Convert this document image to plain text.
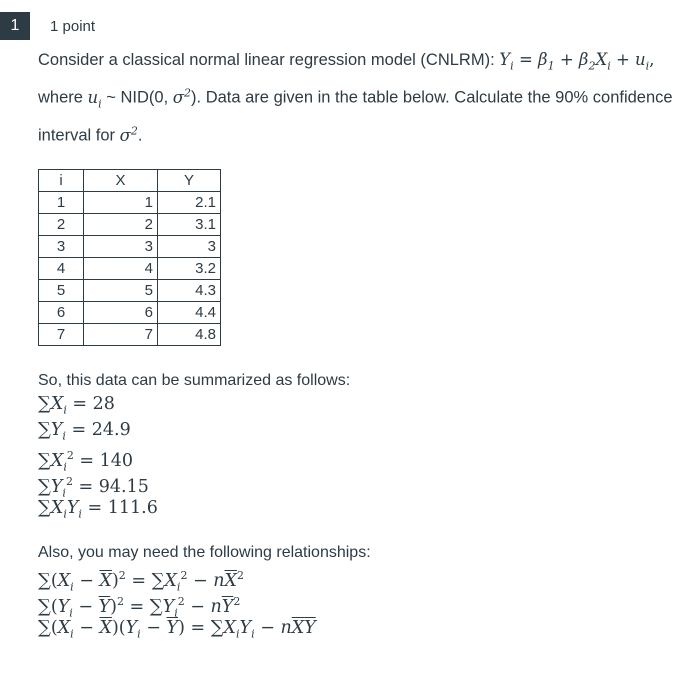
1	1 point
Consider a classical normal linear regression model (CNLRM): $Y_i = \beta_1 + \beta_2X_i + u_i$, where $u_i$ ~ NID(0, $\sigma^2$). Data are given in the table below. Calculate the 90% confidence interval for $\sigma^2$.
i	X	Y
1	1	2.1
2	2	3.1
3	3	3
4	4	3.2
5	5	4.3
6	6	4.4
7	7	4.8
So, this data can be summarized as follows:
$\sum X_i = 28$
$\sum Y_i = 24.9$
$\sum X_i^2 = 140$
$\sum Y_i^2 = 94.15$
$\sum X_iY_i = 111.6$
Also, you may need the following relationships:
$\sum(X_i - \overline{X})^2 = \sum X_i^2 - n\overline{X}^2$
$\sum(Y_i - \overline{Y})^2 = \sum Y_i^2 - n\overline{Y}^2$
$\sum(X_i - \overline{X})(Y_i - \overline{Y}) = \sum X_iY_i - n\overline{X}\overline{Y}$
